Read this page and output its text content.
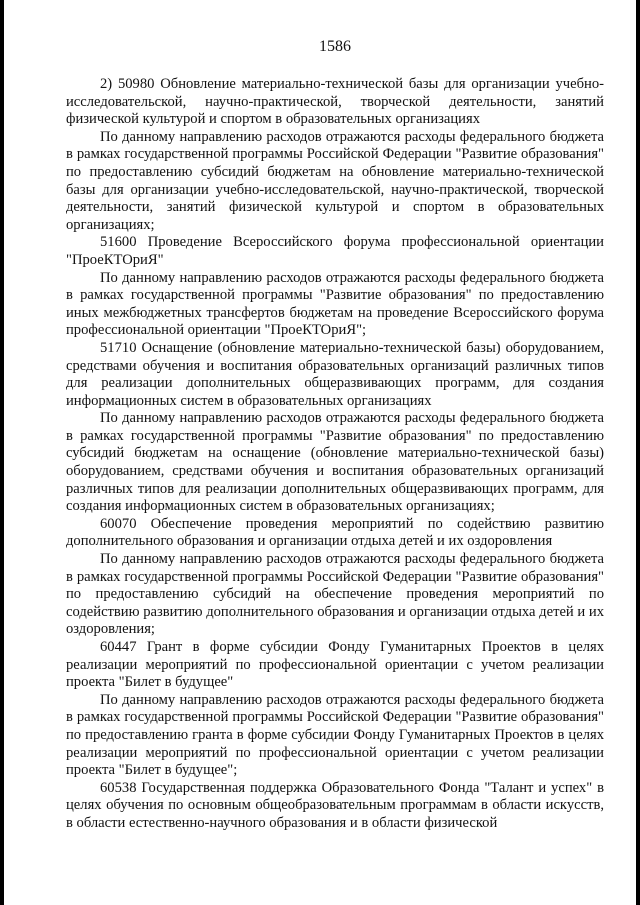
1586

2) 50980 Обновление материально-технической базы для организации учебно-исследовательской, научно-практической, творческой деятельности, занятий физической культурой и спортом в образовательных организациях

По данному направлению расходов отражаются расходы федерального бюджета в рамках государственной программы Российской Федерации "Развитие образования" по предоставлению субсидий бюджетам на обновление материально-технической базы для организации учебно-исследовательской, научно-практической, творческой деятельности, занятий физической культурой и спортом в образовательных организациях;

51600 Проведение Всероссийского форума профессиональной ориентации "ПроеКТОриЯ"

По данному направлению расходов отражаются расходы федерального бюджета в рамках государственной программы "Развитие образования" по предоставлению иных межбюджетных трансфертов бюджетам на проведение Всероссийского форума профессиональной ориентации "ПроеКТОриЯ";

51710 Оснащение (обновление материально-технической базы) оборудованием, средствами обучения и воспитания образовательных организаций различных типов для реализации дополнительных общеразвивающих программ, для создания информационных систем в образовательных организациях

По данному направлению расходов отражаются расходы федерального бюджета в рамках государственной программы "Развитие образования" по предоставлению субсидий бюджетам на оснащение (обновление материально-технической базы) оборудованием, средствами обучения и воспитания образовательных организаций различных типов для реализации дополнительных общеразвивающих программ, для создания информационных систем в образовательных организациях;

60070 Обеспечение проведения мероприятий по содействию развитию дополнительного образования и организации отдыха детей и их оздоровления

По данному направлению расходов отражаются расходы федерального бюджета в рамках государственной программы Российской Федерации "Развитие образования" по предоставлению субсидий на обеспечение проведения мероприятий по содействию развитию дополнительного образования и организации отдыха детей и их оздоровления;

60447 Грант в форме субсидии Фонду Гуманитарных Проектов в целях реализации мероприятий по профессиональной ориентации с учетом реализации проекта "Билет в будущее"

По данному направлению расходов отражаются расходы федерального бюджета в рамках государственной программы Российской Федерации "Развитие образования" по предоставлению гранта в форме субсидии Фонду Гуманитарных Проектов в целях реализации мероприятий по профессиональной ориентации с учетом реализации проекта "Билет в будущее";

60538 Государственная поддержка Образовательного Фонда "Талант и успех" в целях обучения по основным общеобразовательным программам в области искусств, в области естественно-научного образования и в области физической
